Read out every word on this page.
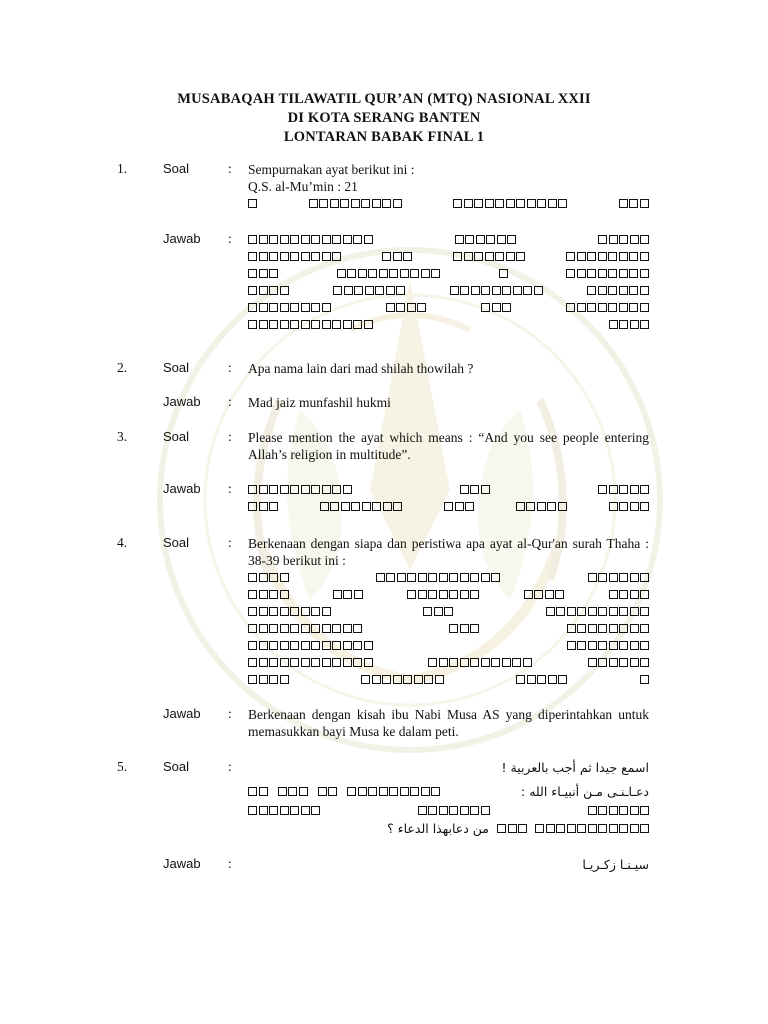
MUSABAQAH TILAWATIL QUR’AN (MTQ) NASIONAL XXII
DI KOTA SERANG BANTEN
LONTARAN BABAK FINAL 1
1.	Soal	: Sempurnakan ayat berikut ini :
Q.S. al-Mu’min : 21
Jawab :
2.	Soal	: Apa nama lain dari mad shilah thowilah ?
Jawab : Mad jaiz munfashil hukmi
3.	Soal	: Please mention the ayat which means : “And you see people entering Allah’s religion in multitude”.
Jawab :
4.	Soal	: Berkenaan dengan siapa dan peristiwa apa ayat al-Qur'an surah Thaha : 38-39 berikut ini :
Jawab : Berkenaan dengan kisah ibu Nabi Musa AS yang diperintahkan untuk memasukkan bayi Musa ke dalam peti.
5.	Soal	:	اسمع جيدا ثم أجب بالعربية !
دعـاـنـى مـن أنبيـاء الله :
من دعابهذا الدعاء ؟
Jawab :	سيـنـا زكـريـا
